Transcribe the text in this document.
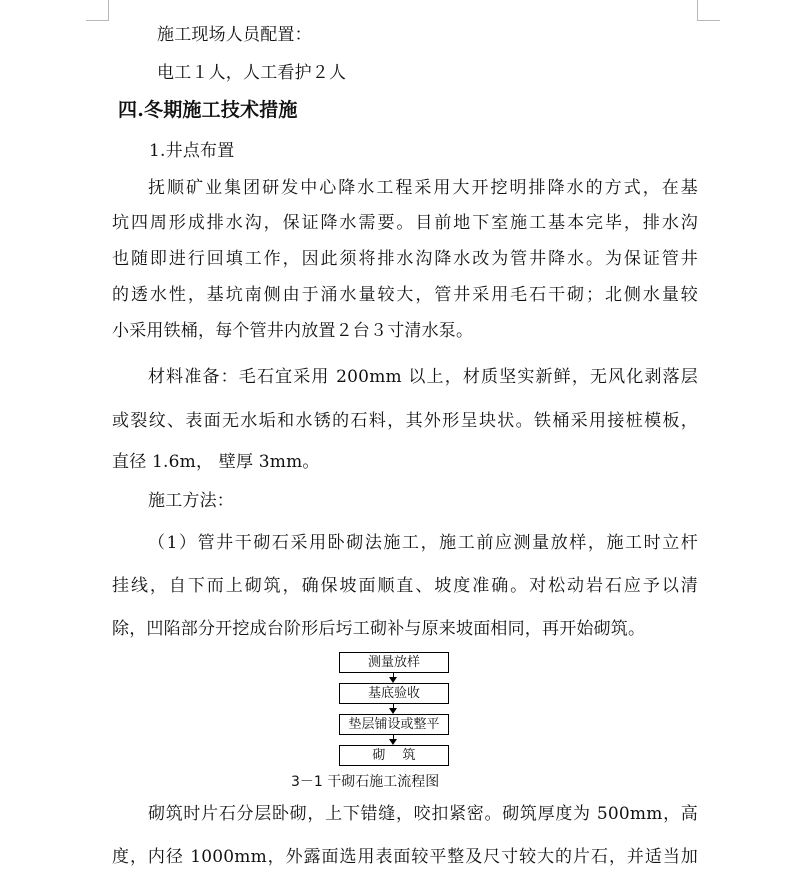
施工现场人员配置：
电工１人，人工看护２人
四.冬期施工技术措施
1.井点布置
抚顺矿业集团研发中心降水工程采用大开挖明排降水的方式，在基
坑四周形成排水沟，保证降水需要。目前地下室施工基本完毕，排水沟
也随即进行回填工作，因此须将排水沟降水改为管井降水。为保证管井
的透水性，基坑南侧由于涌水量较大，管井采用毛石干砌；北侧水量较
小采用铁桶，每个管井内放置２台３寸清水泵。
材料准备：毛石宜采用 200mm 以上，材质坚实新鲜，无风化剥落层
或裂纹、表面无水垢和水锈的石料，其外形呈块状。铁桶采用接桩模板，
直径 1.6m， 壁厚 3mm。
施工方法：
（1）管井干砌石采用卧砌法施工，施工前应测量放样，施工时立杆
挂线，自下而上砌筑，确保坡面顺直、坡度准确。对松动岩石应予以清
除，凹陷部分开挖成台阶形后圬工砌补与原来坡面相同，再开始砌筑。
测量放样
基底验收
垫层铺设或整平
砌　 筑
3－1 干砌石施工流程图
砌筑时片石分层卧砌，上下错缝，咬扣紧密。砌筑厚度为 500mm，高
度，内径 1000mm，外露面选用表面较平整及尺寸较大的片石，并适当加
